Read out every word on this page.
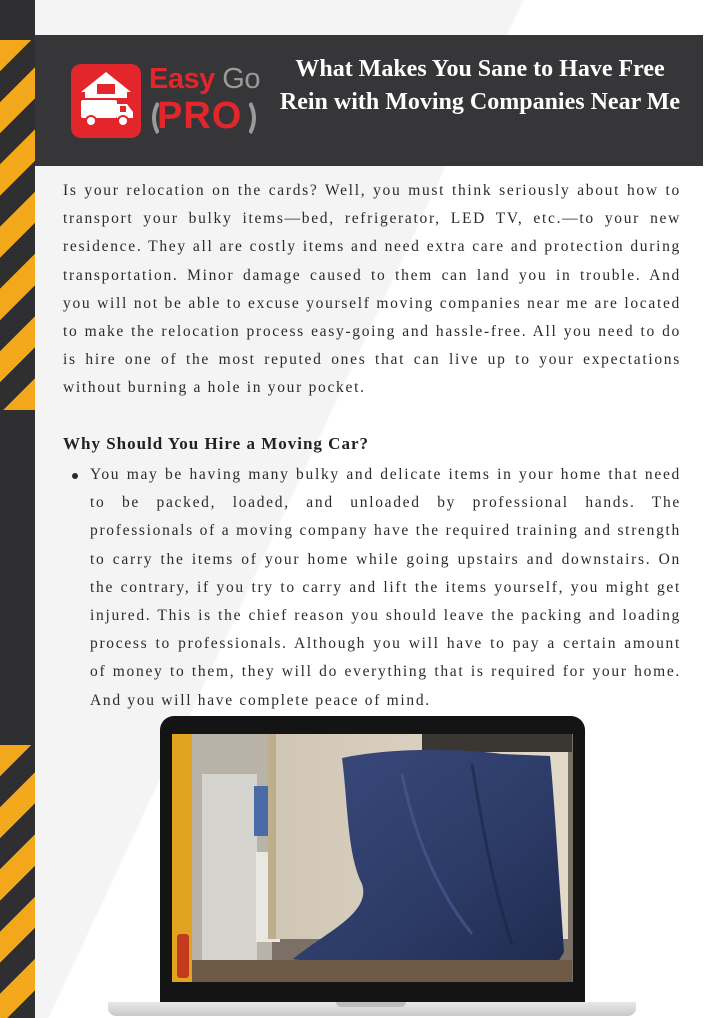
Easy Go
PRO
What Makes You Sane to Have Free Rein with Moving Companies Near Me

Is your relocation on the cards? Well, you must think seriously about how to transport your bulky items—bed, refrigerator, LED TV, etc.—to your new residence. They all are costly items and need extra care and protection during transportation. Minor damage caused to them can land you in trouble. And you will not be able to excuse yourself moving companies near me are located to make the relocation process easy-going and hassle-free. All you need to do is hire one of the most reputed ones that can live up to your expectations without burning a hole in your pocket.

Why Should You Hire a Moving Car?
You may be having many bulky and delicate items in your home that need to be packed, loaded, and unloaded by professional hands. The professionals of a moving company have the required training and strength to carry the items of your home while going upstairs and downstairs. On the contrary, if you try to carry and lift the items yourself, you might get injured. This is the chief reason you should leave the packing and loading process to professionals. Although you will have to pay a certain amount of money to them, they will do everything that is required for your home. And you will have complete peace of mind.
